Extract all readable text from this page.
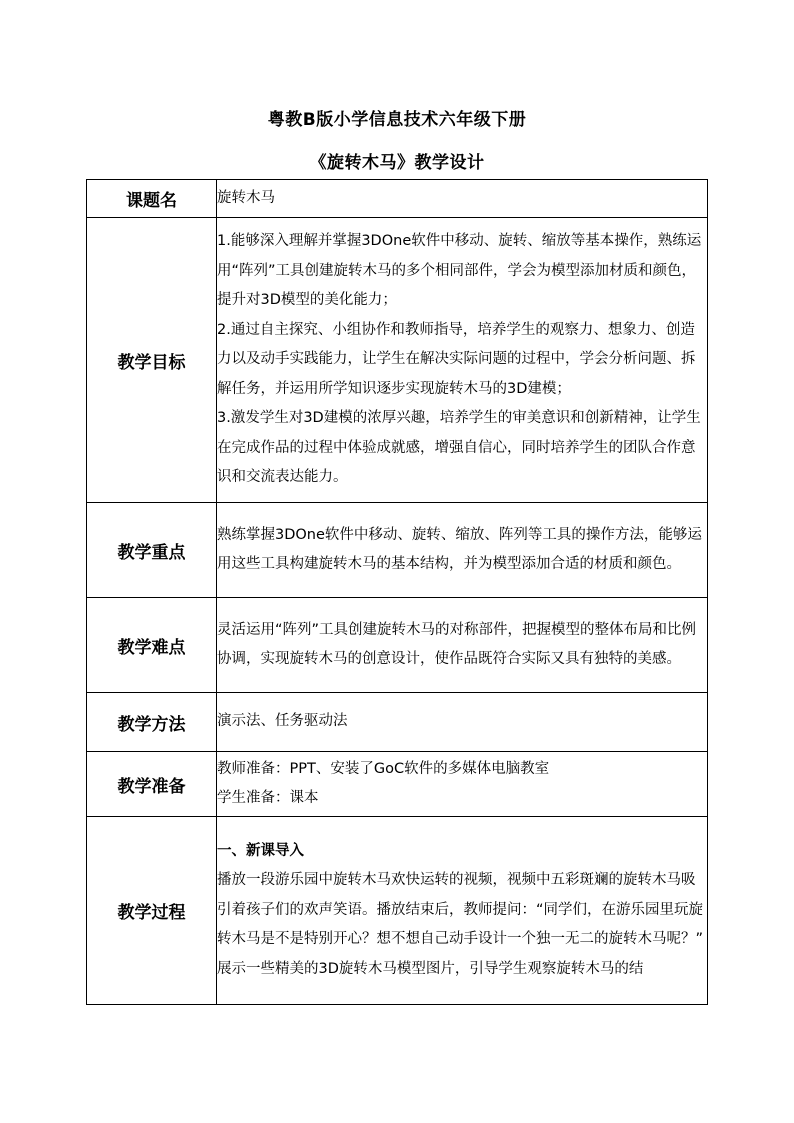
粤教B版小学信息技术六年级下册
《旋转木马》教学设计
课题名	旋转木马
教学目标	1.能够深入理解并掌握3DOne软件中移动、旋转、缩放等基本操作，熟练运用“阵列”工具创建旋转木马的多个相同部件，学会为模型添加材质和颜色，提升对3D模型的美化能力；

2.通过自主探究、小组协作和教师指导，培养学生的观察力、想象力、创造力以及动手实践能力，让学生在解决实际问题的过程中，学会分析问题、拆解任务，并运用所学知识逐步实现旋转木马的3D建模；

3.激发学生对3D建模的浓厚兴趣，培养学生的审美意识和创新精神，让学生在完成作品的过程中体验成就感，增强自信心，同时培养学生的团队合作意识和交流表达能力。

教学重点	熟练掌握3DOne软件中移动、旋转、缩放、阵列等工具的操作方法，能够运用这些工具构建旋转木马的基本结构，并为模型添加合适的材质和颜色。
教学难点	灵活运用“阵列”工具创建旋转木马的对称部件，把握模型的整体布局和比例协调，实现旋转木马的创意设计，使作品既符合实际又具有独特的美感。
教学方法	演示法、任务驱动法
教学准备	教师准备：PPT、安装了GoC软件的多媒体电脑教室

学生准备：课本

教学过程	一、新课导入

播放一段游乐园中旋转木马欢快运转的视频，视频中五彩斑斓的旋转木马吸引着孩子们的欢声笑语。播放结束后，教师提问：“同学们，在游乐园里玩旋转木马是不是特别开心？想不想自己动手设计一个独一无二的旋转木马呢？”

展示一些精美的3D旋转木马模型图片，引导学生观察旋转木马的结
